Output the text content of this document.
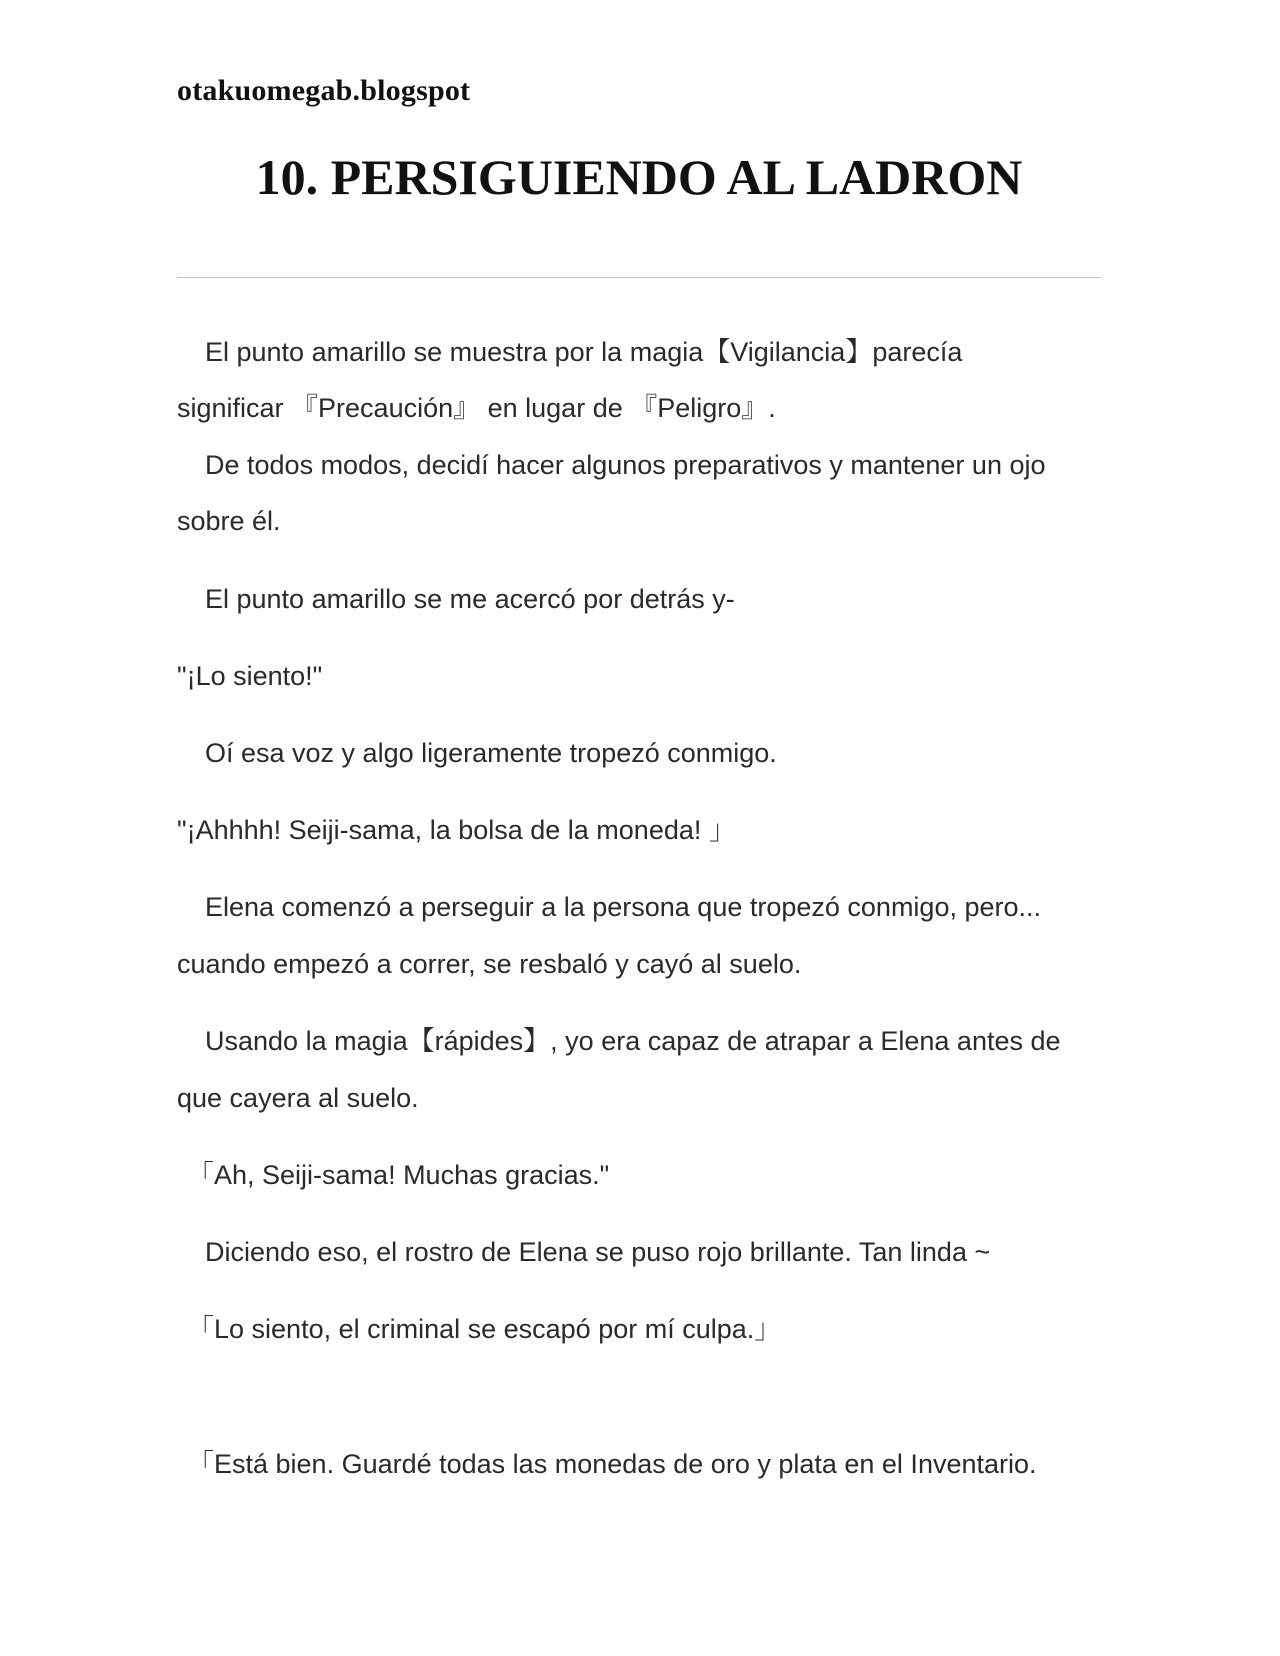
otakuomegab.blogspot
10. PERSIGUIENDO AL LADRON
El punto amarillo se muestra por la magia【Vigilancia】parecía
significar 『Precaución』 en lugar de 『Peligro』.
De todos modos, decidí hacer algunos preparativos y mantener un ojo
sobre él.
El punto amarillo se me acercó por detrás y-
"¡Lo siento!"
Oí esa voz y algo ligeramente tropezó conmigo.
"¡Ahhhh! Seiji-sama, la bolsa de la moneda! 」
Elena comenzó a perseguir a la persona que tropezó conmigo, pero...
cuando empezó a correr, se resbaló y cayó al suelo.
Usando la magia【rápides】, yo era capaz de atrapar a Elena antes de
que cayera al suelo.
「Ah, Seiji-sama! Muchas gracias."
Diciendo eso, el rostro de Elena se puso rojo brillante. Tan linda ~
「Lo siento, el criminal se escapó por mí culpa.」
「Está bien. Guardé todas las monedas de oro y plata en el Inventario.
